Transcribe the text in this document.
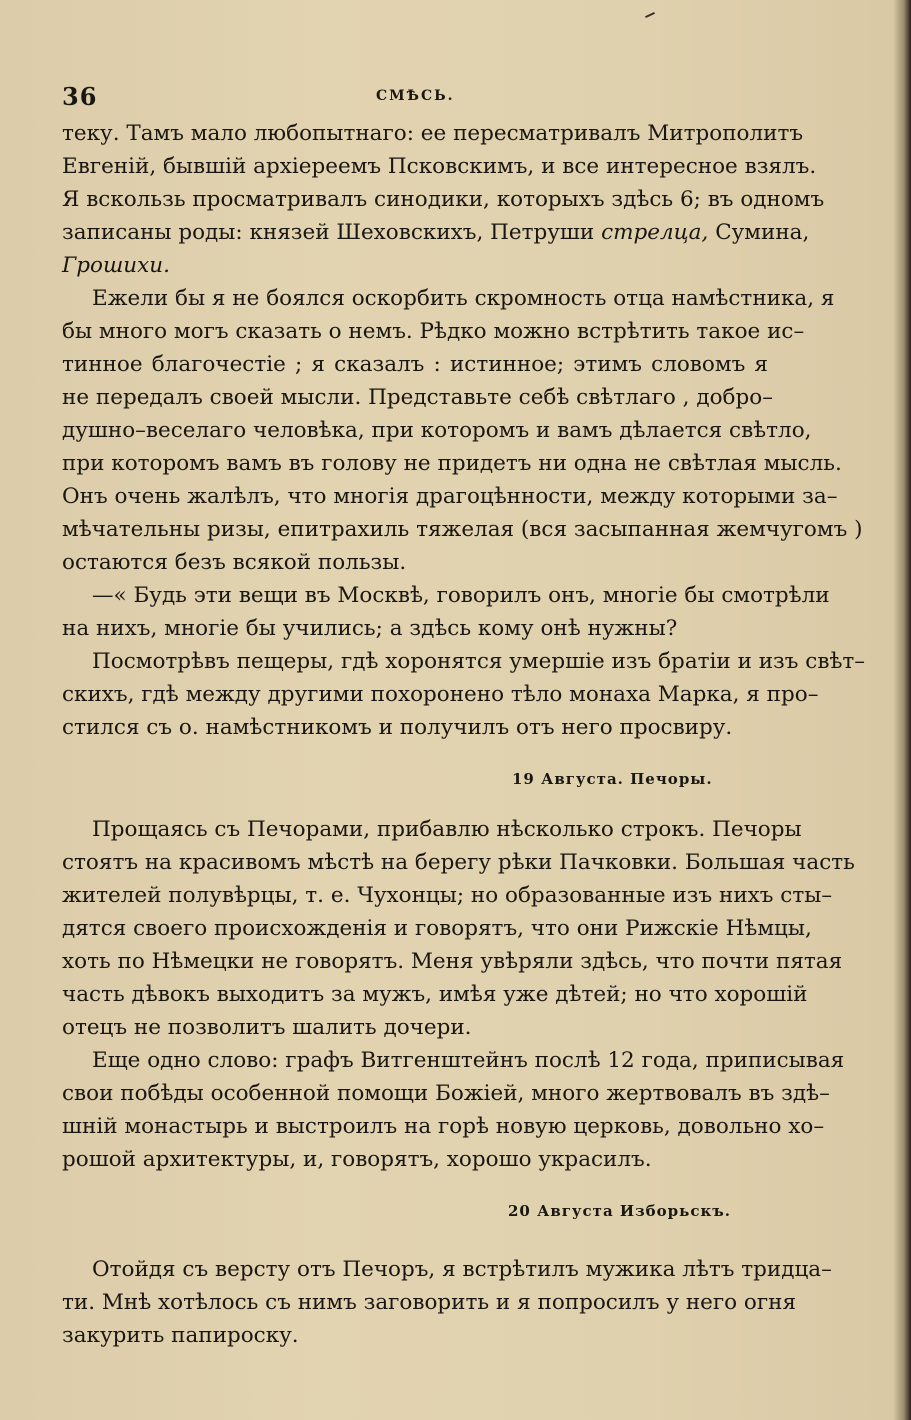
36	СМѢСЬ.

теку. Тамъ мало любопытнаго: ее пересматривалъ Митрополитъ

Евгеній, бывшій архіереемъ Псковскимъ, и все интересное взялъ.

Я вскользь просматривалъ синодики, которыхъ здѣсь 6; въ одномъ

записаны роды: князей Шеховскихъ, Петруши стрелца, Сумина,

Грошихи.

Ежели бы я не боялся оскорбить скромность отца намѣстника, я

бы много могъ сказать о немъ. Рѣдко можно встрѣтить такое ис–

тинное благочестіе ; я сказалъ : истинное; этимъ словомъ я

не передалъ своей мысли. Представьте себѣ свѣтлаго , добро–

душно–веселаго человѣка, при которомъ и вамъ дѣлается свѣтло,

при которомъ вамъ въ голову не придетъ ни одна не свѣтлая мысль.

Онъ очень жалѣлъ, что многія драгоцѣнности, между которыми за–

мѣчательны ризы, епитрахиль тяжелая (вся засыпанная жемчугомъ )

остаются безъ всякой пользы.

—« Будь эти вещи въ Москвѣ, говорилъ онъ, многіе бы смотрѣли

на нихъ, многіе бы учились; а здѣсь кому онѣ нужны?

Посмотрѣвъ пещеры, гдѣ хоронятся умершіе изъ братіи и изъ свѣт–

скихъ, гдѣ между другими похоронено тѣло монаха Марка, я про–

стился съ о. намѣстникомъ и получилъ отъ него просвиру.

19 Августа. Печоры.

Прощаясь съ Печорами, прибавлю нѣсколько строкъ. Печоры

стоятъ на красивомъ мѣстѣ на берегу рѣки Пачковки. Большая часть

жителей полувѣрцы, т. е. Чухонцы; но образованные изъ нихъ сты–

дятся своего происхожденія и говорятъ, что они Рижскіе Нѣмцы,

хоть по Нѣмецки не говорятъ. Меня увѣряли здѣсь, что почти пятая

часть дѣвокъ выходитъ за мужъ, имѣя уже дѣтей; но что хорошій

отецъ не позволитъ шалить дочери.

Еще одно слово: графъ Витгенштейнъ послѣ 12 года, приписывая

свои побѣды особенной помощи Божіей, много жертвовалъ въ здѣ–

шній монастырь и выстроилъ на горѣ новую церковь, довольно хо–

рошой архитектуры, и, говорятъ, хорошо украсилъ.

20 Августа Изборьскъ.

Отойдя съ версту отъ Печоръ, я встрѣтилъ мужика лѣтъ тридца–

ти. Мнѣ хотѣлось съ нимъ заговорить и я попросилъ у него огня

закурить папироску.
